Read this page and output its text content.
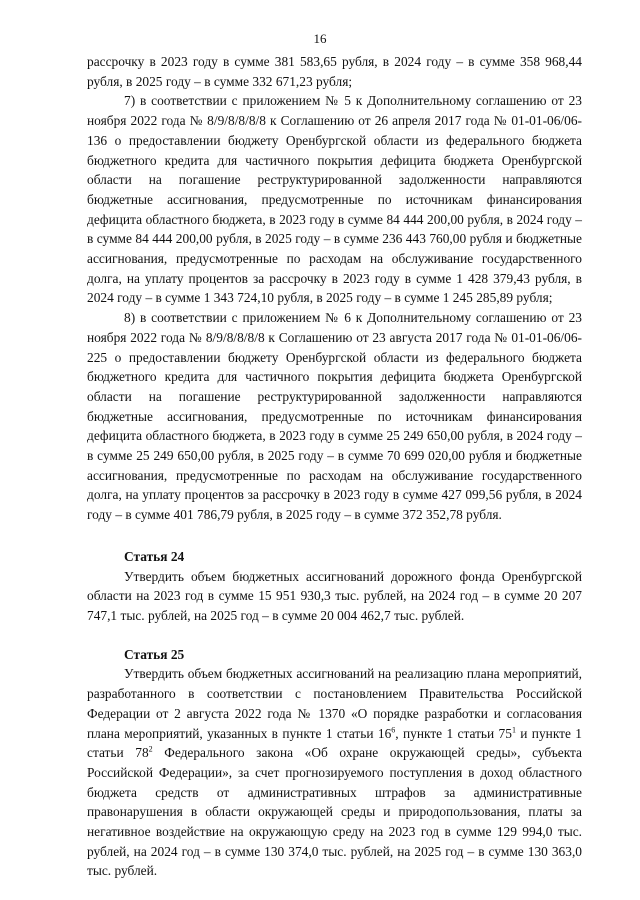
16

рассрочку в 2023 году в сумме 381 583,65 рубля, в 2024 году – в сумме 358 968,44 рубля, в 2025 году – в сумме 332 671,23 рубля;

7) в соответствии с приложением № 5 к Дополнительному соглашению от 23 ноября 2022 года № 8/9/8/8/8/8 к Соглашению от 26 апреля 2017 года № 01-01-06/06-136 о предоставлении бюджету Оренбургской области из федерального бюджета бюджетного кредита для частичного покрытия дефицита бюджета Оренбургской области на погашение реструктурированной задолженности направляются бюджетные ассигнования, предусмотренные по источникам финансирования дефицита областного бюджета, в 2023 году в сумме 84 444 200,00 рубля, в 2024 году – в сумме 84 444 200,00 рубля, в 2025 году – в сумме 236 443 760,00 рубля и бюджетные ассигнования, предусмотренные по расходам на обслуживание государственного долга, на уплату процентов за рассрочку в 2023 году в сумме 1 428 379,43 рубля, в 2024 году – в сумме 1 343 724,10 рубля, в 2025 году – в сумме 1 245 285,89 рубля;

8) в соответствии с приложением № 6 к Дополнительному соглашению от 23 ноября 2022 года № 8/9/8/8/8/8 к Соглашению от 23 августа 2017 года № 01-01-06/06-225 о предоставлении бюджету Оренбургской области из федерального бюджета бюджетного кредита для частичного покрытия дефицита бюджета Оренбургской области на погашение реструктурированной задолженности направляются бюджетные ассигнования, предусмотренные по источникам финансирования дефицита областного бюджета, в 2023 году в сумме 25 249 650,00 рубля, в 2024 году – в сумме 25 249 650,00 рубля, в 2025 году – в сумме 70 699 020,00 рубля и бюджетные ассигнования, предусмотренные по расходам на обслуживание государственного долга, на уплату процентов за рассрочку в 2023 году в сумме 427 099,56 рубля, в 2024 году – в сумме 401 786,79 рубля, в 2025 году – в сумме 372 352,78 рубля.

Статья 24

Утвердить объем бюджетных ассигнований дорожного фонда Оренбургской области на 2023 год в сумме 15 951 930,3 тыс. рублей, на 2024 год – в сумме 20 207 747,1 тыс. рублей, на 2025 год – в сумме 20 004 462,7 тыс. рублей.

Статья 25

Утвердить объем бюджетных ассигнований на реализацию плана мероприятий, разработанного в соответствии с постановлением Правительства Российской Федерации от 2 августа 2022 года № 1370 «О порядке разработки и согласования плана мероприятий, указанных в пункте 1 статьи $16^6$, пункте 1 статьи $75^1$ и пункте 1 статьи $78^2$ Федерального закона «Об охране окружающей среды», субъекта Российской Федерации», за счет прогнозируемого поступления в доход областного бюджета средств от административных штрафов за административные правонарушения в области окружающей среды и природопользования, платы за негативное воздействие на окружающую среду на 2023 год в сумме 129 994,0 тыс. рублей, на 2024 год – в сумме 130 374,0 тыс. рублей, на 2025 год – в сумме 130 363,0 тыс. рублей.
